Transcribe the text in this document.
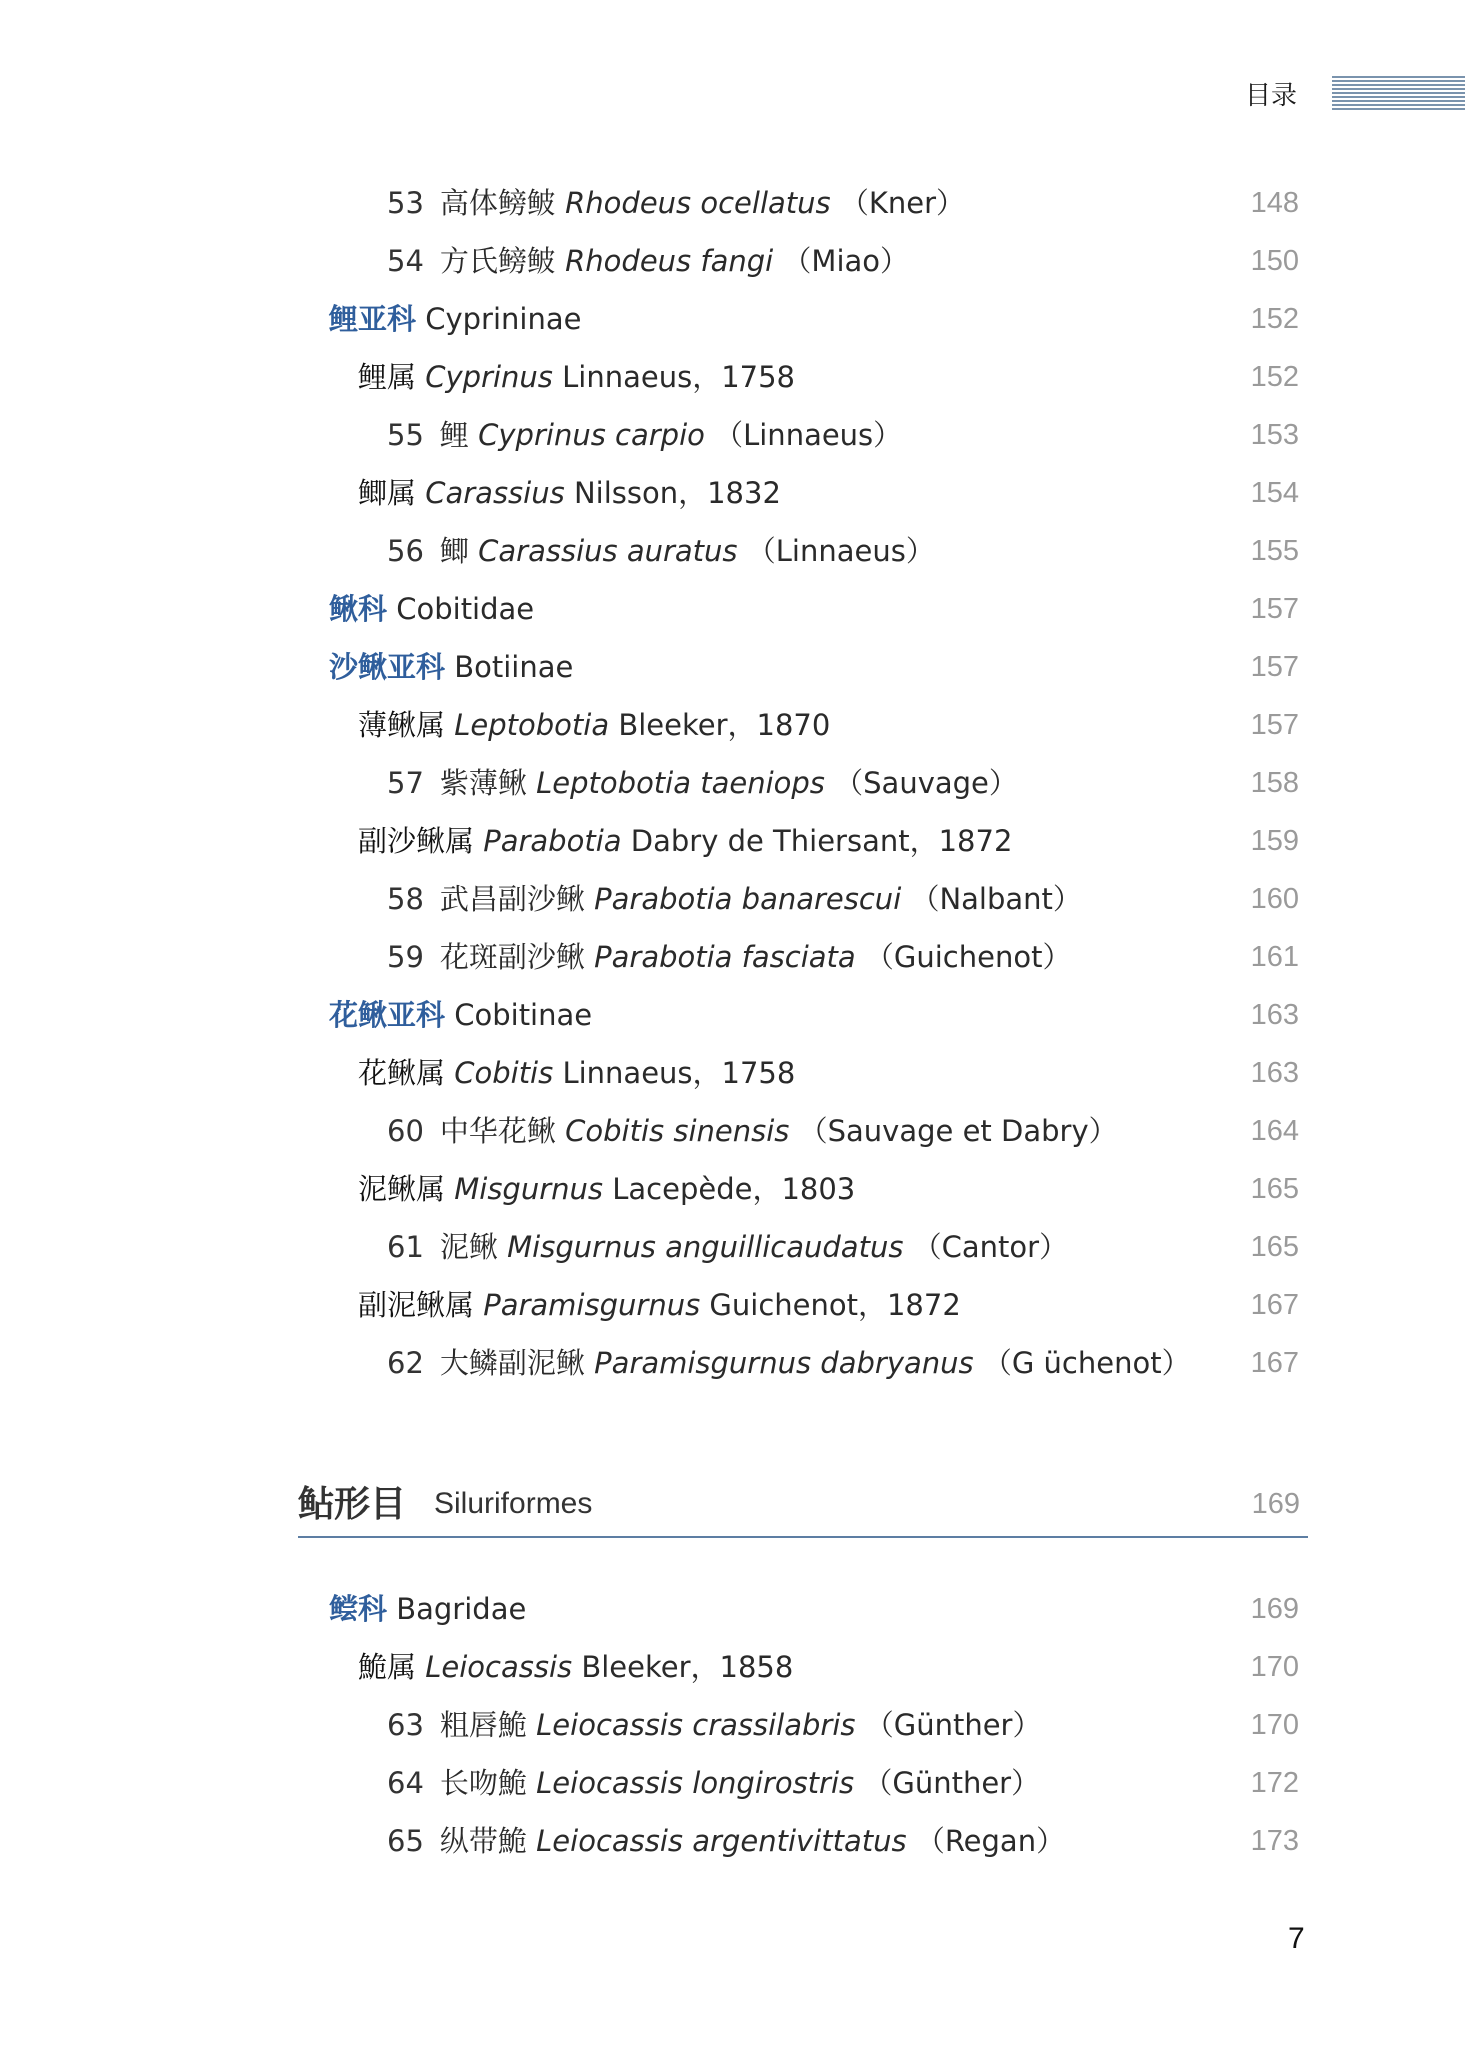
目录
53 高体鳑鲏 Rhodeus ocellatus （Kner）	148
54 方氏鳑鲏 Rhodeus fangi （Miao）	150
鲤亚科 Cyprininae	152
鲤属 Cyprinus Linnaeus，1758	152
55 鲤 Cyprinus carpio （Linnaeus）	153
鲫属 Carassius Nilsson，1832	154
56 鲫 Carassius auratus （Linnaeus）	155
鳅科 Cobitidae	157
沙鳅亚科 Botiinae	157
薄鳅属 Leptobotia Bleeker，1870	157
57 紫薄鳅 Leptobotia taeniops （Sauvage）	158
副沙鳅属 Parabotia Dabry de Thiersant，1872	159
58 武昌副沙鳅 Parabotia banarescui （Nalbant）	160
59 花斑副沙鳅 Parabotia fasciata （Guichenot）	161
花鳅亚科 Cobitinae	163
花鳅属 Cobitis Linnaeus，1758	163
60 中华花鳅 Cobitis sinensis （Sauvage et Dabry）	164
泥鳅属 Misgurnus Lacepède，1803	165
61 泥鳅 Misgurnus anguillicaudatus （Cantor）	165
副泥鳅属 Paramisgurnus Guichenot，1872	167
62 大鳞副泥鳅 Paramisgurnus dabryanus （G üchenot） 167
鲇形目 Siluriformes	169
鲿科 Bagridae	169
鮠属 Leiocassis Bleeker，1858	170
63 粗唇鮠 Leiocassis crassilabris （Günther）	170
64 长吻鮠 Leiocassis longirostris （Günther）	172
65 纵带鮠 Leiocassis argentivittatus （Regan）	173
7
